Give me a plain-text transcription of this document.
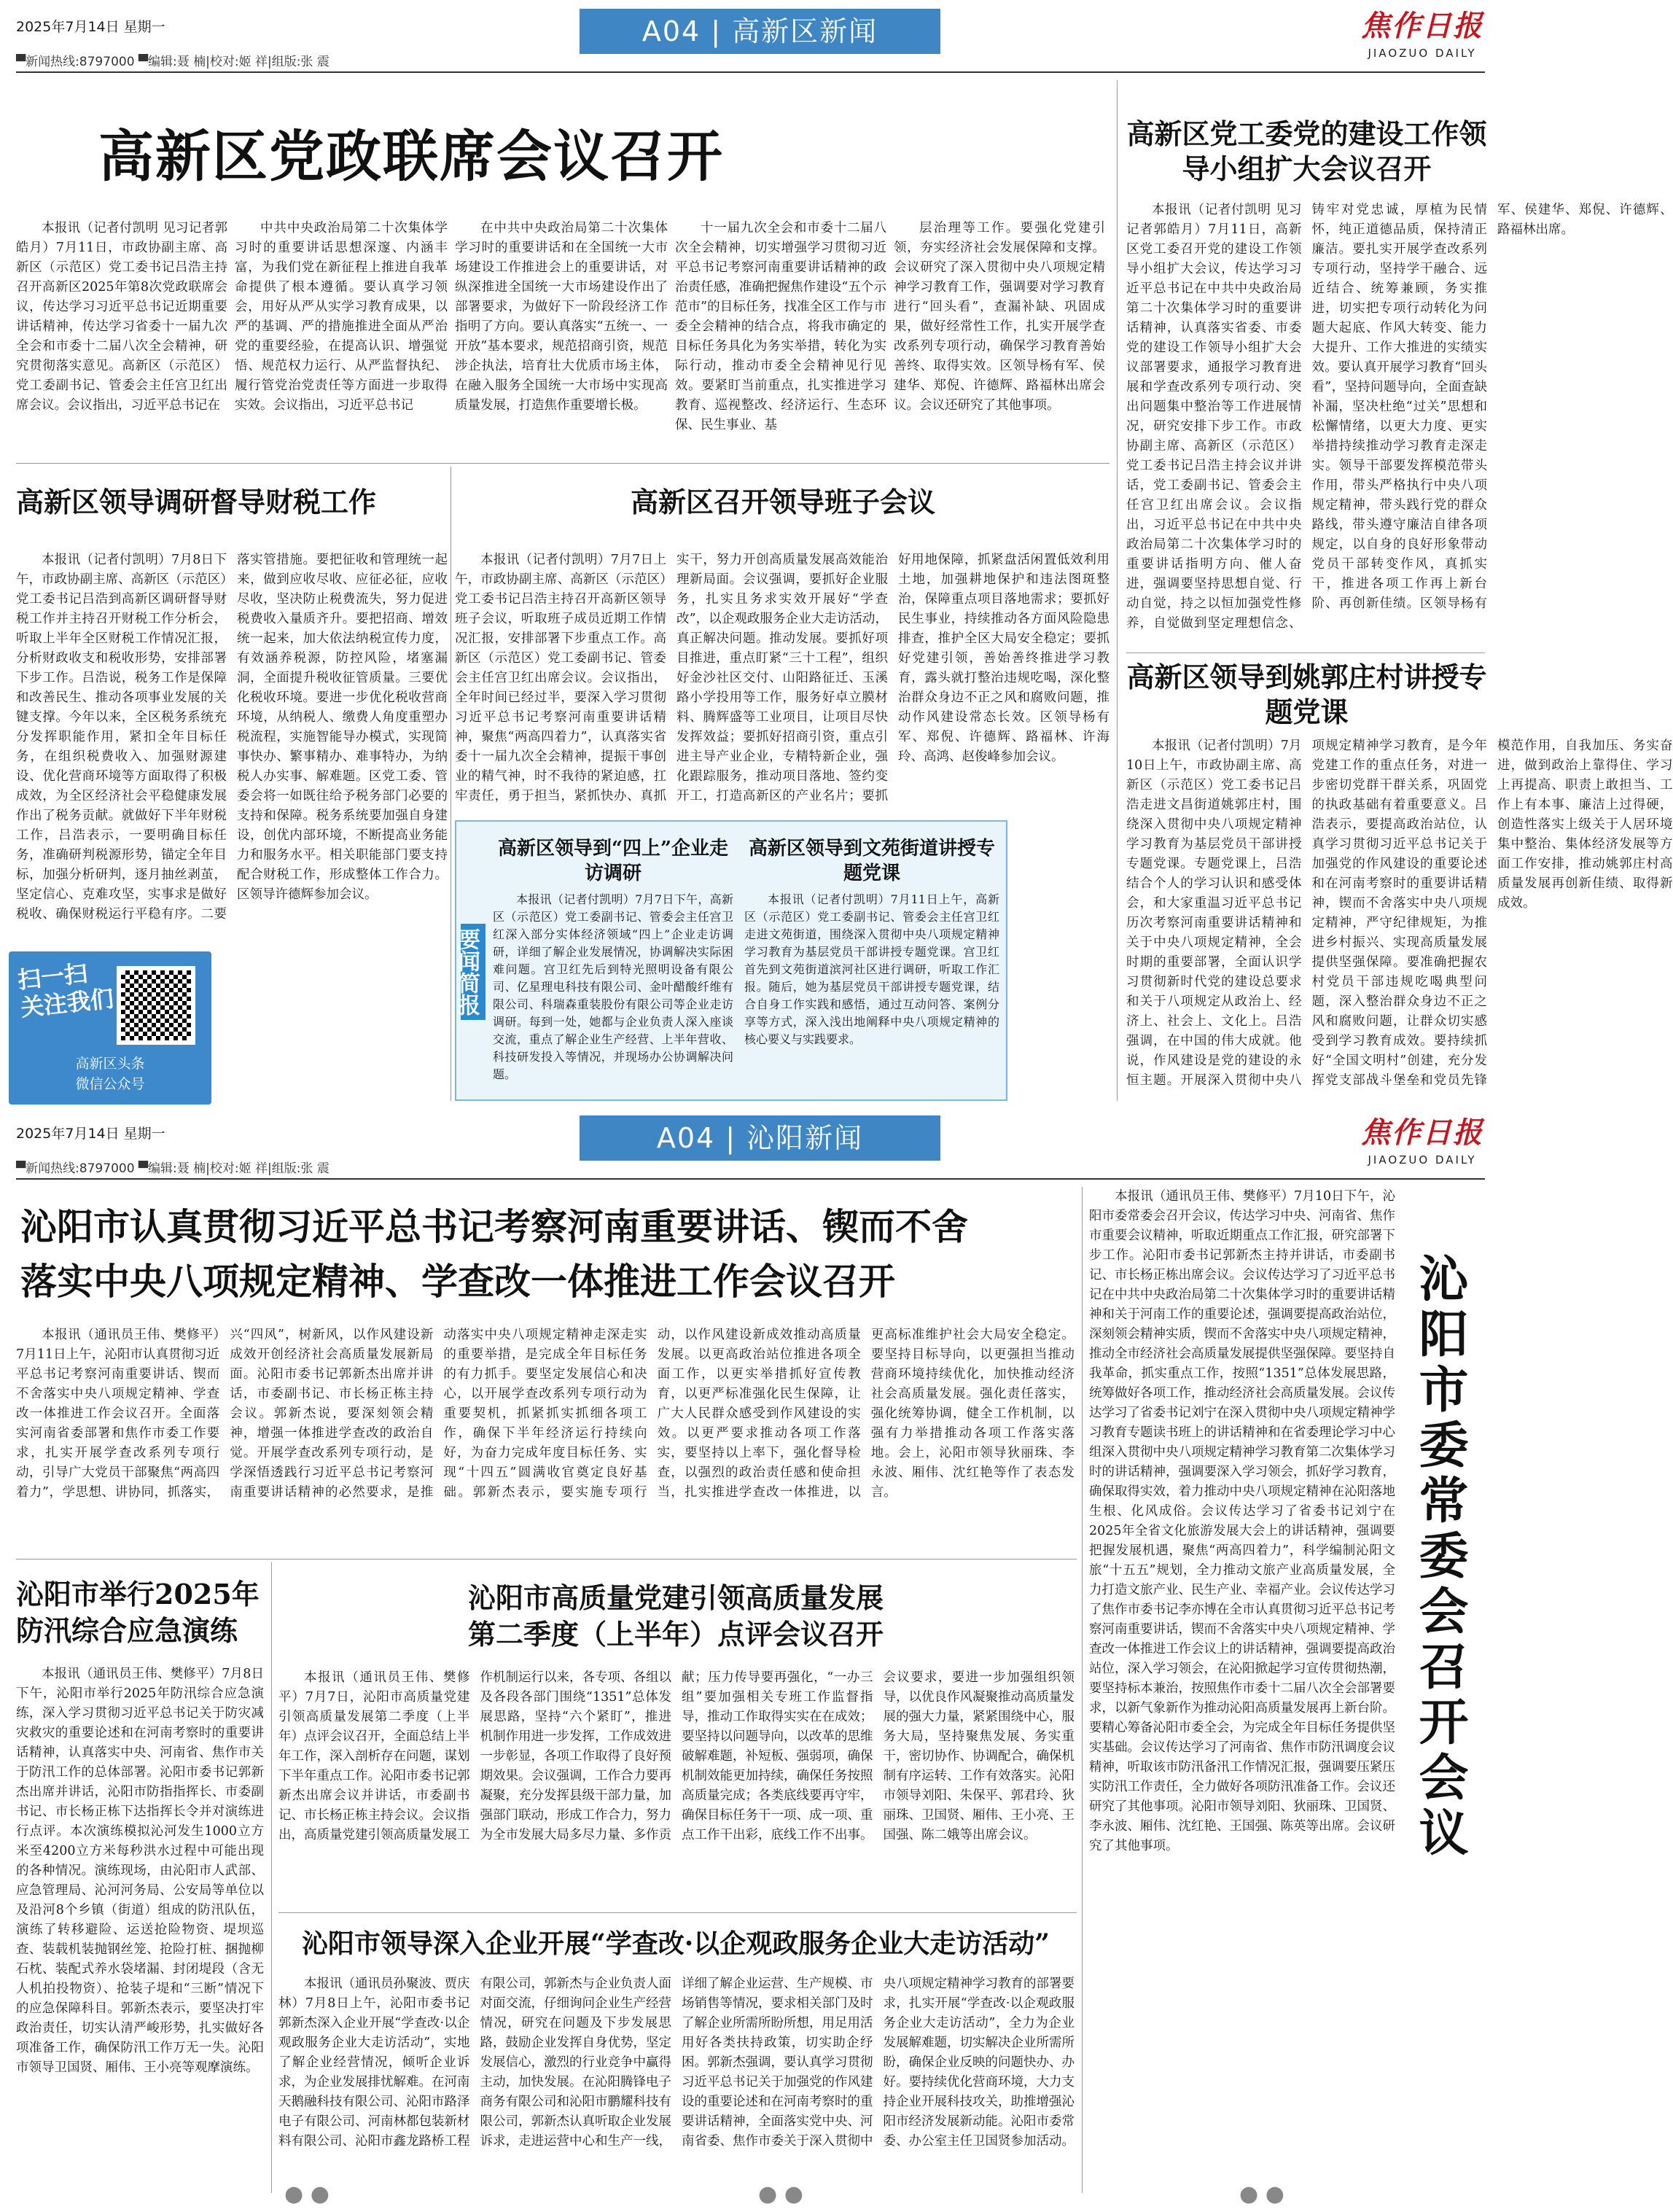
2025年7月14日 星期一
▀新闻热线:8797000 ▀编辑:聂 楠|校对:姬 祥|组版:张 震
A04 | 高新区新闻	焦作日报
JIAOZUO DAILY
高新区党政联席会议召开

本报讯（记者付凯明 见习记者郭皓月）7月11日，市政协副主席、高新区（示范区）党工委书记吕浩主持召开高新区2025年第8次党政联席会议，传达学习习近平总书记近期重要讲话精神，传达学习省委十一届九次全会和市委十二届八次全会精神，研究贯彻落实意见。高新区（示范区）党工委副书记、管委会主任宫卫红出席会议。会议指出，习近平总书记在

中共中央政治局第二十次集体学习时的重要讲话思想深邃、内涵丰富，为我们党在新征程上推进自我革命提供了根本遵循。要认真学习领会，用好从严从实学习教育成果，以严的基调、严的措施推进全面从严治党的重要经验，在提高认识、增强觉悟、规范权力运行、从严监督执纪、履行管党治党责任等方面进一步取得实效。会议指出，习近平总书记

在中共中央政治局第二十次集体学习时的重要讲话和在全国统一大市场建设工作推进会上的重要讲话，对纵深推进全国统一大市场建设作出了部署要求，为做好下一阶段经济工作指明了方向。要认真落实“五统一、一开放”基本要求，规范招商引资，规范涉企执法，培育壮大优质市场主体，在融入服务全国统一大市场中实现高质量发展，打造焦作重要增长极。

十一届九次全会和市委十二届八次全会精神，切实增强学习贯彻习近平总书记考察河南重要讲话精神的政治责任感，准确把握焦作建设“五个示范市”的目标任务，找准全区工作与市委全会精神的结合点，将我市确定的目标任务具化为务实举措，转化为实际行动，推动市委全会精神见行见效。要紧盯当前重点，扎实推进学习教育、巡视整改、经济运行、生态环保、民生事业、基

层治理等工作。要强化党建引领，夯实经济社会发展保障和支撑。会议研究了深入贯彻中央八项规定精神学习教育工作，强调要对学习教育进行“回头看”，查漏补缺、巩固成果，做好经常性工作，扎实开展学查改系列专项行动，确保学习教育善始善终、取得实效。区领导杨有军、侯建华、郑倪、许德辉、路福林出席会议。会议还研究了其他事项。

高新区党工委党的建设工作领导小组扩大会议召开

本报讯（记者付凯明 见习记者郭皓月）7月11日，高新区党工委召开党的建设工作领导小组扩大会议，传达学习习近平总书记在中共中央政治局第二十次集体学习时的重要讲话精神，认真落实省委、市委党的建设工作领导小组扩大会议部署要求，通报学习教育进展和学查改系列专项行动、突出问题集中整治等工作进展情况，研究安排下步工作。市政协副主席、高新区（示范区）党工委书记吕浩主持会议并讲话，党工委副书记、管委会主任宫卫红出席会议。会议指出，习近平总书记在中共中央政治局第二十次集体学习时的重要讲话指明方向、催人奋进，强调要坚持思想自觉、行动自觉，持之以恒加强党性修养，自觉做到坚定理想信念、铸牢对党忠诚，厚植为民情怀，纯正道德品质，保持清正廉洁。要扎实开展学查改系列专项行动，坚持学干融合、远近结合、统筹兼顾，务实推进，切实把专项行动转化为问题大起底、作风大转变、能力大提升、工作大推进的实绩实效。要认真开展学习教育“回头看”，坚持问题导向，全面查缺补漏，坚决杜绝“过关”思想和松懈情绪，以更大力度、更实举措持续推动学习教育走深走实。领导干部要发挥模范带头作用，带头严格执行中央八项规定精神，带头践行党的群众路线，带头遵守廉洁自律各项规定，以自身的良好形象带动党员干部转变作风，真抓实干，推进各项工作再上新台阶、再创新佳绩。区领导杨有军、侯建华、郑倪、许德辉、路福林出席。

高新区领导到姚郭庄村讲授专题党课

本报讯（记者付凯明）7月10日上午，市政协副主席、高新区（示范区）党工委书记吕浩走进文昌街道姚郭庄村，围绕深入贯彻中央八项规定精神学习教育为基层党员干部讲授专题党课。专题党课上，吕浩结合个人的学习认识和感受体会，和大家重温习近平总书记历次考察河南重要讲话精神和关于中央八项规定精神，全会时期的重要部署，全面认识学习贯彻新时代党的建设总要求和关于八项规定从政治上、经济上、社会上、文化上。吕浩强调，在中国的伟大成就。他说，作风建设是党的建设的永恒主题。开展深入贯彻中央八项规定精神学习教育，是今年党建工作的重点任务，对进一步密切党群干群关系，巩固党的执政基础有着重要意义。吕浩表示，要提高政治站位，认真学习贯彻习近平总书记关于加强党的作风建设的重要论述和在河南考察时的重要讲话精神，锲而不舍落实中央八项规定精神，严守纪律规矩，为推进乡村振兴、实现高质量发展提供坚强保障。要准确把握农村党员干部违规吃喝典型问题，深入整治群众身边不正之风和腐败问题，让群众切实感受到学习教育成效。要持续抓好“全国文明村”创建，充分发挥党支部战斗堡垒和党员先锋模范作用，自我加压、务实奋进，做到政治上靠得住、学习上再提高、职责上敢担当、工作上有本事、廉洁上过得硬，创造性落实上级关于人居环境集中整治、集体经济发展等方面工作安排，推动姚郭庄村高质量发展再创新佳绩、取得新成效。

高新区领导调研督导财税工作

本报讯（记者付凯明）7月8日下午，市政协副主席、高新区（示范区）党工委书记吕浩到高新区调研督导财税工作并主持召开财税工作分析会，听取上半年全区财税工作情况汇报，分析财政收支和税收形势，安排部署下步工作。吕浩说，税务工作是保障和改善民生、推动各项事业发展的关键支撑。今年以来，全区税务系统充分发挥职能作用，紧扣全年目标任务，在组织税费收入、加强财源建设、优化营商环境等方面取得了积极成效，为全区经济社会平稳健康发展作出了税务贡献。就做好下半年财税工作，吕浩表示，一要明确目标任务，准确研判税源形势，锚定全年目标，加强分析研判，逐月抽丝剥茧，坚定信心、克难攻坚，实事求是做好税收、确保财税运行平稳有序。二要落实管措施。要把征收和管理统一起来，做到应收尽收、应征必征，应收尽收，坚决防止税费流失，努力促进税费收入量质齐升。要把招商、增效统一起来，加大依法纳税宣传力度，有效涵养税源，防控风险，堵塞漏洞，全面提升税收征管质量。三要优化税收环境。要进一步优化税收营商环境，从纳税人、缴费人角度重塑办税流程，实施智能导办模式，实现简事快办、繁事精办、难事特办，为纳税人办实事、解难题。区党工委、管委会将一如既往给予税务部门必要的支持和保障。税务系统要加强自身建设，创优内部环境，不断提高业务能力和服务水平。相关职能部门要支持配合财税工作，形成整体工作合力。区领导许德辉参加会议。

高新区召开领导班子会议

本报讯（记者付凯明）7月7日上午，市政协副主席、高新区（示范区）党工委书记吕浩主持召开高新区领导班子会议，听取班子成员近期工作情况汇报，安排部署下步重点工作。高新区（示范区）党工委副书记、管委会主任宫卫红出席会议。会议指出，全年时间已经过半，要深入学习贯彻习近平总书记考察河南重要讲话精神，聚焦“两高四着力”，认真落实省委十一届九次全会精神，提振干事创业的精气神，时不我待的紧迫感，扛牢责任，勇于担当，紧抓快办、真抓实干，努力开创高质量发展高效能治理新局面。会议强调，要抓好企业服务，扎实且务求实效开展好“学查改”，以企观政服务企业大走访活动，真正解决问题。推动发展。要抓好项目推进，重点盯紧“三十工程”，组织好金沙社区交付、山阳路征迁、玉溪路小学投用等工作，服务好卓立膜材料、腾辉盛等工业项目，让项目尽快发挥效益；要抓好招商引资，重点引进主导产业企业，专精特新企业，强化跟踪服务，推动项目落地、签约变开工，打造高新区的产业名片；要抓好用地保障，抓紧盘活闲置低效利用土地，加强耕地保护和违法图斑整治，保障重点项目落地需求；要抓好民生事业，持续推动各方面风险隐患排查，推护全区大局安全稳定；要抓好党建引领，善始善终推进学习教育，露头就打整治违规吃喝，深化整治群众身边不正之风和腐败问题，推动作风建设常态长效。区领导杨有军、郑倪、许德辉、路福林、许海玲、高鸿、赵俊峰参加会议。

扫一扫
关注我们
高新区头条
微信公众号
要闻简报
高新区领导到“四上”企业走访调研

本报讯（记者付凯明）7月7日下午，高新区（示范区）党工委副书记、管委会主任宫卫红深入部分实体经济领域“四上”企业走访调研，详细了解企业发展情况，协调解决实际困难问题。宫卫红先后到特光照明设备有限公司、亿星理电科技有限公司、金叶醋酸纤维有限公司、科瑞森重装股份有限公司等企业走访调研。每到一处，她都与企业负责人深入座谈交流，重点了解企业生产经营、上半年营收、科技研发投入等情况，并现场办公协调解决问题。

高新区领导到文苑街道讲授专题党课

本报讯（记者付凯明）7月11日上午，高新区（示范区）党工委副书记、管委会主任宫卫红走进文苑街道，围绕深入贯彻中央八项规定精神学习教育为基层党员干部讲授专题党课。宫卫红首先到文苑街道滨河社区进行调研，听取工作汇报。随后，她为基层党员干部讲授专题党课，结合自身工作实践和感悟，通过互动问答、案例分享等方式，深入浅出地阐释中央八项规定精神的核心要义与实践要求。

2025年7月14日 星期一
▀新闻热线:8797000 ▀编辑:聂 楠|校对:姬 祥|组版:张 震
A04 | 沁阳新闻	焦作日报
JIAOZUO DAILY
沁阳市认真贯彻习近平总书记考察河南重要讲话、锲而不舍
落实中央八项规定精神、学查改一体推进工作会议召开

本报讯（通讯员王伟、樊修平）7月11日上午，沁阳市认真贯彻习近平总书记考察河南重要讲话、锲而不舍落实中央八项规定精神、学查改一体推进工作会议召开。全面落实河南省委部署和焦作市委工作要求，扎实开展学查改系列专项行动，引导广大党员干部聚焦“两高四着力”，学思想、讲协同，抓落实，兴“四风”，树新风，以作风建设新成效开创经济社会高质量发展新局面。沁阳市委书记郭新杰出席并讲话，市委副书记、市长杨正栋主持会议。郭新杰说，要深刻领会精神，增强一体推进学查改的政治自觉。开展学查改系列专项行动，是学深悟透践行习近平总书记考察河南重要讲话精神的必然要求，是推动落实中央八项规定精神走深走实的重要举措，是完成全年目标任务的有力抓手。要坚定发展信心和决心，以开展学查改系列专项行动为重要契机，抓紧抓实抓细各项工作，确保下半年经济运行持续向好，为奋力完成年度目标任务、实现“十四五”圆满收官奠定良好基础。郭新杰表示，要实施专项行动，以作风建设新成效推动高质量发展。以更高政治站位推进各项全面工作，以更实举措抓好宣传教育，以更严标准强化民生保障，让广大人民群众感受到作风建设的实效。以更严要求推动各项工作落实，要坚持以上率下，强化督导检查，以强烈的政治责任感和使命担当，扎实推进学查改一体推进，以更高标准维护社会大局安全稳定。要坚持目标导向，以更强担当推动营商环境持续优化，加快推动经济社会高质量发展。强化责任落实，强化统筹协调，健全工作机制，以强有力举措推动各项工作落实落地。会上，沁阳市领导狄丽珠、李永波、厢伟、沈红艳等作了表态发言。

本报讯（通讯员王伟、樊修平）7月10日下午，沁阳市委常委会召开会议，传达学习中央、河南省、焦作市重要会议精神，听取近期重点工作汇报，研究部署下步工作。沁阳市委书记郭新杰主持并讲话，市委副书记、市长杨正栋出席会议。会议传达学习了习近平总书记在中共中央政治局第二十次集体学习时的重要讲话精神和关于河南工作的重要论述，强调要提高政治站位，深刻领会精神实质，锲而不舍落实中央八项规定精神，推动全市经济社会高质量发展提供坚强保障。要坚持自我革命，抓实重点工作，按照“1351”总体发展思路，统筹做好各项工作，推动经济社会高质量发展。会议传达学习了省委书记刘宁在深入贯彻中央八项规定精神学习教育专题读书班上的讲话精神和在省委理论学习中心组深入贯彻中央八项规定精神学习教育第二次集体学习时的讲话精神，强调要深入学习领会，抓好学习教育，确保取得实效，着力推动中央八项规定精神在沁阳落地生根、化风成俗。会议传达学习了省委书记刘宁在2025年全省文化旅游发展大会上的讲话精神，强调要把握发展机遇，聚焦“两高四着力”，科学编制沁阳文旅“十五五”规划，全力推动文旅产业高质量发展，全力打造文旅产业、民生产业、幸福产业。会议传达学习了焦作市委书记李亦博在全市认真贯彻习近平总书记考察河南重要讲话，锲而不舍落实中央八项规定精神、学查改一体推进工作会议上的讲话精神，强调要提高政治站位，深入学习领会，在沁阳掀起学习宣传贯彻热潮，要坚持标本兼治，按照焦作市委十二届八次全会部署要求，以新气象新作为推动沁阳高质量发展再上新台阶。要精心筹备沁阳市委全会，为完成全年目标任务提供坚实基础。会议传达学习了河南省、焦作市防汛调度会议精神，听取该市防汛备汛工作情况汇报，强调要压紧压实防汛工作责任，全力做好各项防汛准备工作。会议还研究了其他事项。沁阳市领导刘阳、狄丽珠、卫国贤、李永波、厢伟、沈红艳、王国强、陈英等出席。会议研究了其他事项。	沁阳市委常委会召开会议
沁阳市举行2025年
防汛综合应急演练

本报讯（通讯员王伟、樊修平）7月8日下午，沁阳市举行2025年防汛综合应急演练，深入学习贯彻习近平总书记关于防灾减灾救灾的重要论述和在河南考察时的重要讲话精神，认真落实中央、河南省、焦作市关于防汛工作的总体部署。沁阳市委书记郭新杰出席并讲话，沁阳市防指指挥长、市委副书记、市长杨正栋下达指挥长令并对演练进行点评。本次演练模拟沁河发生1000立方米至4200立方米每秒洪水过程中可能出现的各种情况。演练现场，由沁阳市人武部、应急管理局、沁河河务局、公安局等单位以及沿河8个乡镇（街道）组成的防汛队伍，演练了转移避险、运送抢险物资、堤坝巡查、装载机装抛钢丝笼、抢险打桩、捆抛柳石枕、装配式养水袋堵漏、封闭堤段（含无人机拍投物资）、抢装子堤和“三断”情况下的应急保障科目。郭新杰表示，要坚决打牢政治责任，切实认清严峻形势，扎实做好各项准备工作，确保防汛工作万无一失。沁阳市领导卫国贤、厢伟、王小亮等观摩演练。

沁阳市高质量党建引领高质量发展
第二季度（上半年）点评会议召开

本报讯（通讯员王伟、樊修平）7月7日，沁阳市高质量党建引领高质量发展第二季度（上半年）点评会议召开，全面总结上半年工作，深入剖析存在问题，谋划下半年重点工作。沁阳市委书记郭新杰出席会议并讲话，市委副书记、市长杨正栋主持会议。会议指出，高质量党建引领高质量发展工作机制运行以来，各专项、各组以及各段各部门围绕“1351”总体发展思路，坚持“六个紧盯”，推进机制作用进一步发挥，工作成效进一步彰显，各项工作取得了良好预期效果。会议强调，工作合力要再凝聚，充分发挥县级干部力量，加强部门联动，形成工作合力，努力为全市发展大局多尽力量、多作贡献；压力传导要再强化，“一办三组”要加强相关专班工作监督指导，推动工作取得实实在在成效；要坚持以问题导向，以改革的思维破解难题，补短板、强弱项，确保机制效能更加持续，确保任务按照高质量完成；各类底线要再守牢，确保目标任务干一项、成一项、重点工作干出彩，底线工作不出事。会议要求，要进一步加强组织领导，以优良作风凝聚推动高质量发展的强大力量，紧紧围绕中心，服务大局，坚持聚焦发展、务实重干，密切协作、协调配合，确保机制有序运转、工作有效落实。沁阳市领导刘阳、朱保平、郭君玲、狄丽珠、卫国贤、厢伟、王小亮、王国强、陈二娥等出席会议。

沁阳市领导深入企业开展“学查改·以企观政服务企业大走访活动”

本报讯（通讯员孙聚波、贾庆林）7月8日上午，沁阳市委书记郭新杰深入企业开展“学查改·以企观政服务企业大走访活动”，实地了解企业经营情况，倾听企业诉求，为企业发展排忧解难。在河南天鹅融科技有限公司、沁阳市路泽电子有限公司、河南林都包装新材料有限公司、沁阳市鑫龙路桥工程有限公司，郭新杰与企业负责人面对面交流，仔细询问企业生产经营情况，研究在问题及下步发展思路，鼓励企业发挥自身优势，坚定发展信心，激烈的行业竞争中赢得主动，加快发展。在沁阳腾锋电子商务有限公司和沁阳市鹏耀科技有限公司，郭新杰认真听取企业发展诉求，走进运营中心和生产一线，详细了解企业运营、生产规模、市场销售等情况，要求相关部门及时了解企业所需所盼所想，用足用活用好各类扶持政策，切实助企纾困。郭新杰强调，要认真学习贯彻习近平总书记关于加强党的作风建设的重要论述和在河南考察时的重要讲话精神，全面落实党中央、河南省委、焦作市委关于深入贯彻中央八项规定精神学习教育的部署要求，扎实开展“学查改·以企观政服务企业大走访活动”，全力为企业发展解难题，切实解决企业所需所盼，确保企业反映的问题快办、办好。要持续优化营商环境，大力支持企业开展科技攻关，助推增强沁阳市经济发展新动能。沁阳市委常委、办公室主任卫国贤参加活动。

● ●	● ●	● ●
